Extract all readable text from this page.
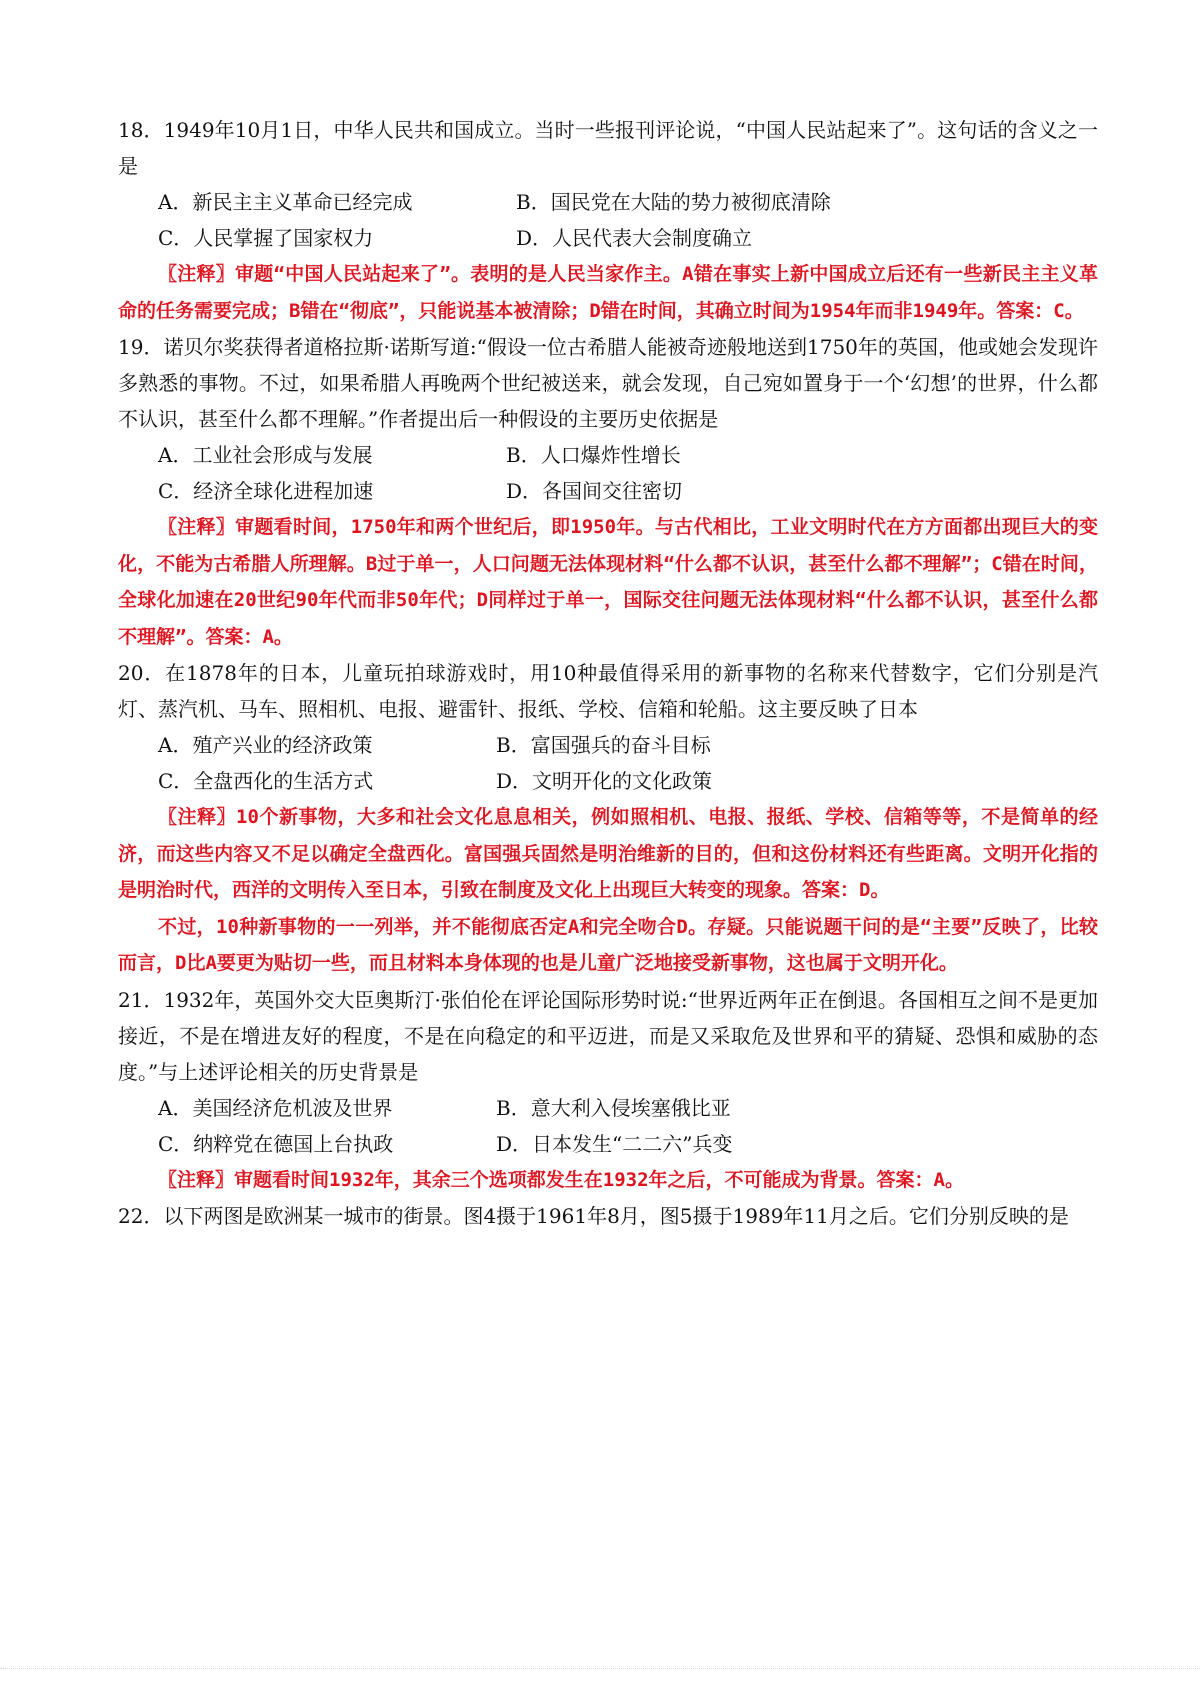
18．1949年10月1日，中华人民共和国成立。当时一些报刊评论说，“中国人民站起来了”。这句话的含义之一是

A．新民主主义革命已经完成	B．国民党在大陆的势力被彻底清除
C．人民掌握了国家权力	D．人民代表大会制度确立

〖注释〗审题“中国人民站起来了”。表明的是人民当家作主。A错在事实上新中国成立后还有一些新民主主义革命的任务需要完成；B错在“彻底”，只能说基本被清除；D错在时间，其确立时间为1954年而非1949年。答案：C。

19．诺贝尔奖获得者道格拉斯·诺斯写道:“假设一位古希腊人能被奇迹般地送到1750年的英国，他或她会发现许多熟悉的事物。不过，如果希腊人再晚两个世纪被送来，就会发现，自己宛如置身于一个‘幻想’的世界，什么都不认识，甚至什么都不理解。”作者提出后一种假设的主要历史依据是

A．工业社会形成与发展	B．人口爆炸性增长
C．经济全球化进程加速	D．各国间交往密切

〖注释〗审题看时间，1750年和两个世纪后，即1950年。与古代相比，工业文明时代在方方面都出现巨大的变化，不能为古希腊人所理解。B过于单一，人口问题无法体现材料“什么都不认识，甚至什么都不理解”；C错在时间，全球化加速在20世纪90年代而非50年代；D同样过于单一，国际交往问题无法体现材料“什么都不认识，甚至什么都不理解”。答案：A。

20．在1878年的日本，儿童玩拍球游戏时，用10种最值得采用的新事物的名称来代替数字，它们分别是汽灯、蒸汽机、马车、照相机、电报、避雷针、报纸、学校、信箱和轮船。这主要反映了日本

A．殖产兴业的经济政策	B．富国强兵的奋斗目标
C．全盘西化的生活方式	D．文明开化的文化政策

〖注释〗10个新事物，大多和社会文化息息相关，例如照相机、电报、报纸、学校、信箱等等，不是简单的经济，而这些内容又不足以确定全盘西化。富国强兵固然是明治维新的目的，但和这份材料还有些距离。文明开化指的是明治时代，西洋的文明传入至日本，引致在制度及文化上出现巨大转变的现象。答案：D。

不过，10种新事物的一一列举，并不能彻底否定A和完全吻合D。存疑。只能说题干问的是“主要”反映了，比较而言，D比A要更为贴切一些，而且材料本身体现的也是儿童广泛地接受新事物，这也属于文明开化。

21．1932年，英国外交大臣奥斯汀·张伯伦在评论国际形势时说:“世界近两年正在倒退。各国相互之间不是更加接近，不是在增进友好的程度，不是在向稳定的和平迈进，而是又采取危及世界和平的猜疑、恐惧和威胁的态度。”与上述评论相关的历史背景是

A．美国经济危机波及世界	B．意大利入侵埃塞俄比亚
C．纳粹党在德国上台执政	D．日本发生“二二六”兵变

〖注释〗审题看时间1932年，其余三个选项都发生在1932年之后，不可能成为背景。答案：A。

22．以下两图是欧洲某一城市的街景。图4摄于1961年8月，图5摄于1989年11月之后。它们分别反映的是
